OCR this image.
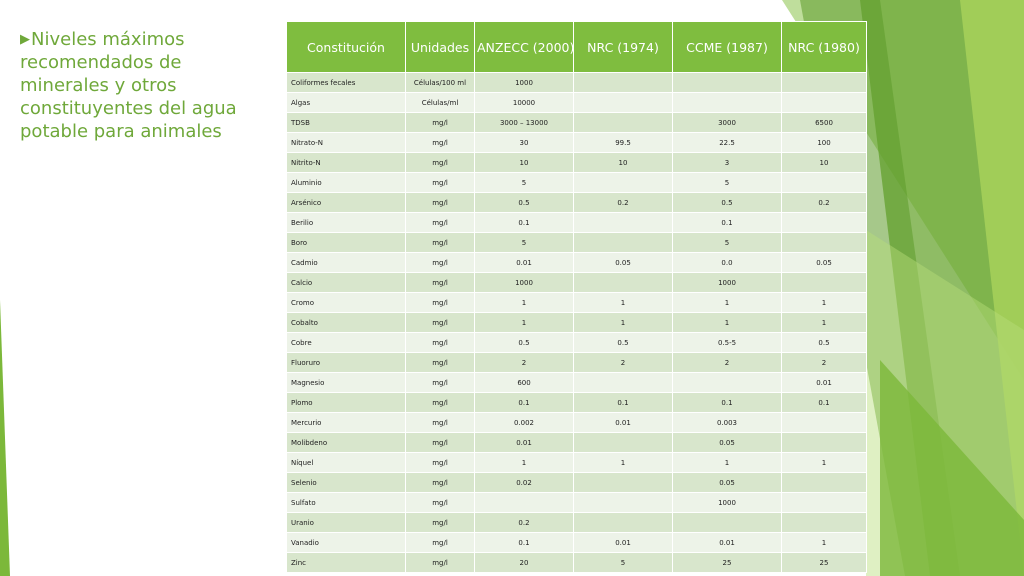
▶Niveles máximos recomendados de minerales y otros constituyentes del agua potable para animales
Constitución	Unidades	ANZECC (2000)	NRC (1974)	CCME (1987)	NRC (1980)
Coliformes fecales	Células/100 ml	1000			
Algas	Células/ml	10000			
TDSB	mg/l	3000 – 13000		3000	6500
Nitrato-N	mg/l	30	99.5	22.5	100
Nitrito-N	mg/l	10	10	3	10
Aluminio	mg/l	5		5	
Arsénico	mg/l	0.5	0.2	0.5	0.2
Berilio	mg/l	0.1		0.1	
Boro	mg/l	5		5	
Cadmio	mg/l	0.01	0.05	0.0	0.05
Calcio	mg/l	1000		1000	
Cromo	mg/l	1	1	1	1
Cobalto	mg/l	1	1	1	1
Cobre	mg/l	0.5	0.5	0.5-5	0.5
Fluoruro	mg/l	2	2	2	2
Magnesio	mg/l	600			0.01
Plomo	mg/l	0.1	0.1	0.1	0.1
Mercurio	mg/l	0.002	0.01	0.003	
Molibdeno	mg/l	0.01		0.05	
Níquel	mg/l	1	1	1	1
Selenio	mg/l	0.02		0.05	
Sulfato	mg/l			1000	
Uranio	mg/l	0.2			
Vanadio	mg/l	0.1	0.01	0.01	1
Zinc	mg/l	20	5	25	25
